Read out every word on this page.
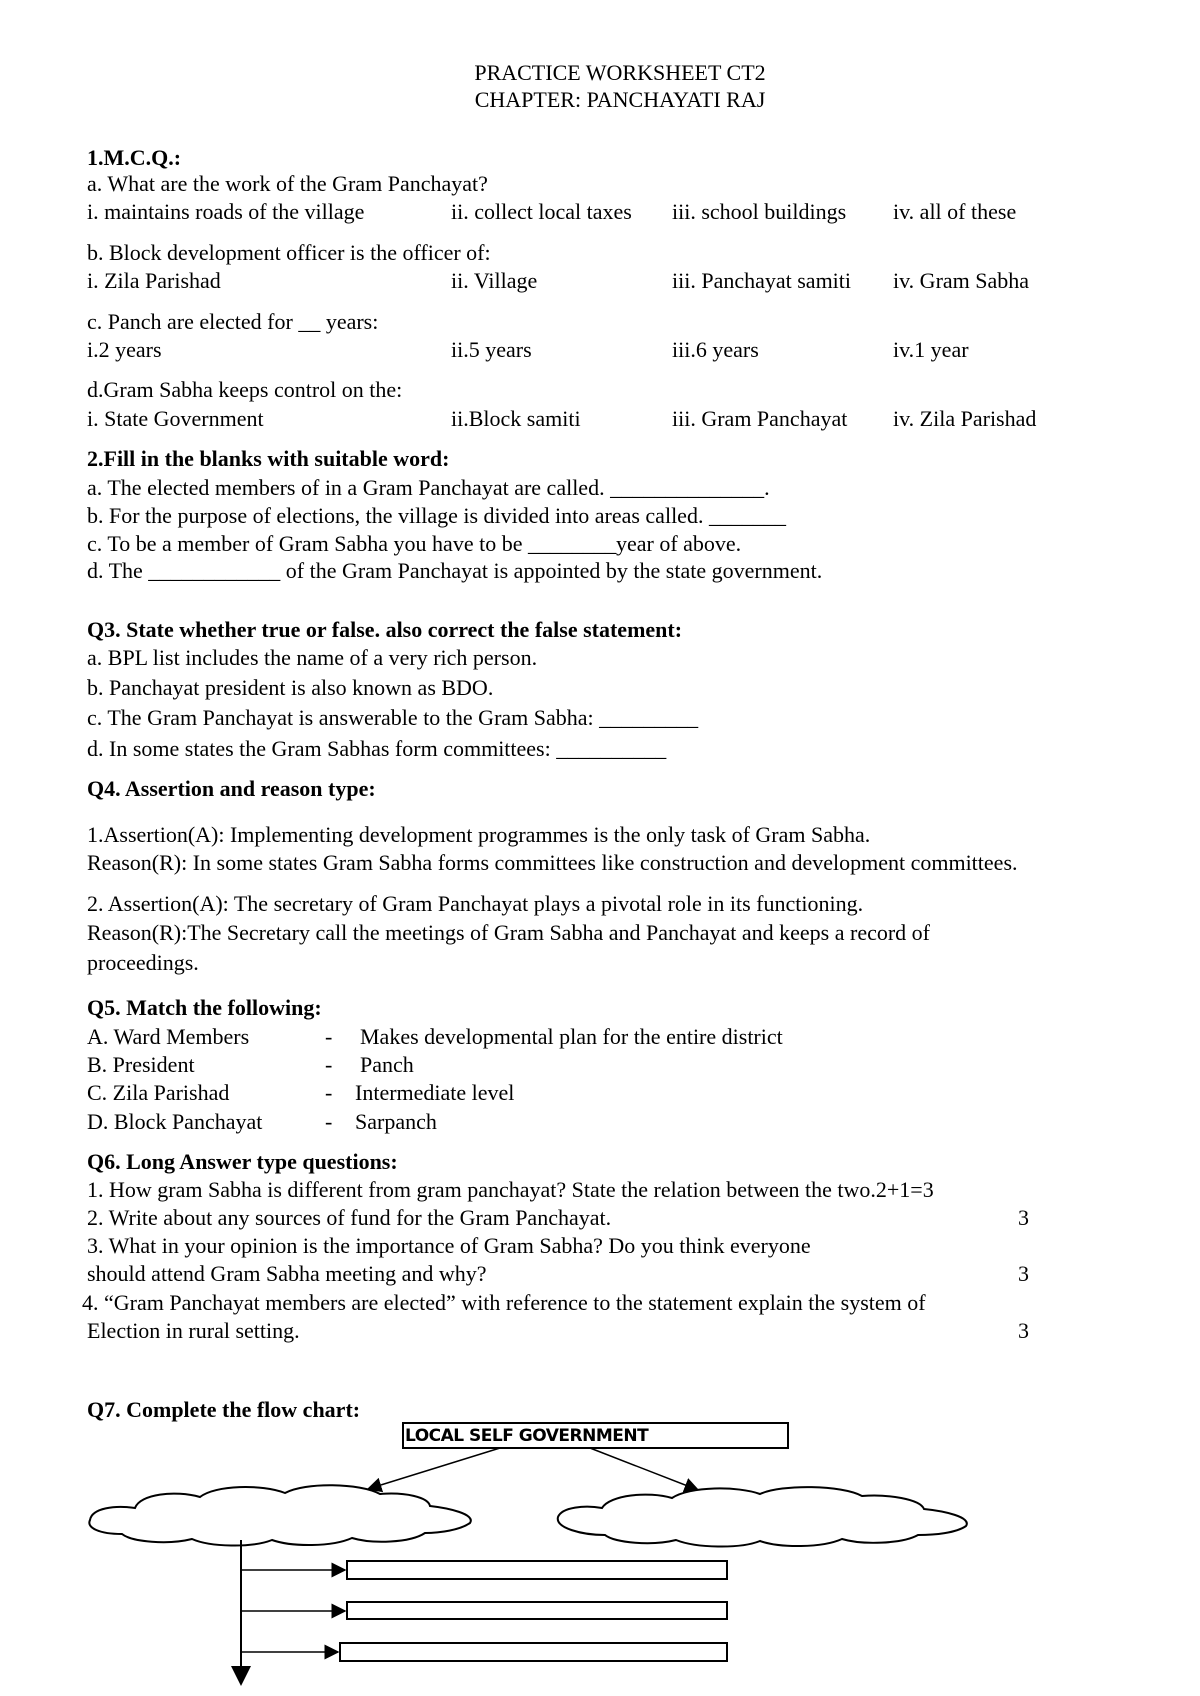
PRACTICE WORKSHEET CT2
CHAPTER: PANCHAYATI RAJ
1.M.C.Q.:
a. What are the work of the Gram Panchayat?
i. maintains roads of the village	ii. collect local taxes iii. school buildings iv. all of these
b. Block development officer is the officer of:
i. Zila Parishad	ii. Village	iii. Panchayat samiti iv. Gram Sabha
c. Panch are elected for __ years:
i.2 years	ii.5 years	iii.6 years	iv.1 year
d.Gram Sabha keeps control on the:
i. State Government	ii.Block samiti	iii. Gram Panchayat iv. Zila Parishad
2.Fill in the blanks with suitable word:
a. The elected members of in a Gram Panchayat are called. ______________.
b. For the purpose of elections, the village is divided into areas called. _______
c. To be a member of Gram Sabha you have to be ________year of above.
d. The ____________ of the Gram Panchayat is appointed by the state government.
Q3. State whether true or false. also correct the false statement:
a. BPL list includes the name of a very rich person.
b. Panchayat president is also known as BDO.
c. The Gram Panchayat is answerable to the Gram Sabha: _________
d. In some states the Gram Sabhas form committees: __________
Q4. Assertion and reason type:
1.Assertion(A): Implementing development programmes is the only task of Gram Sabha.
Reason(R): In some states Gram Sabha forms committees like construction and development committees.
2. Assertion(A): The secretary of Gram Panchayat plays a pivotal role in its functioning.
Reason(R):The Secretary call the meetings of Gram Sabha and Panchayat and keeps a record of
proceedings.
Q5. Match the following:
A. Ward Members	- Makes developmental plan for the entire district
B. President	- Panch
C. Zila Parishad	- Intermediate level
D. Block Panchayat	- Sarpanch
Q6. Long Answer type questions:
1. How gram Sabha is different from gram panchayat? State the relation between the two.2+1=3
2. Write about any sources of fund for the Gram Panchayat.	3
3. What in your opinion is the importance of Gram Sabha? Do you think everyone
should attend Gram Sabha meeting and why?	3
4. “Gram Panchayat members are elected” with reference to the statement explain the system of
Election in rural setting.	3
Q7. Complete the flow chart:
LOCAL SELF GOVERNMENT
